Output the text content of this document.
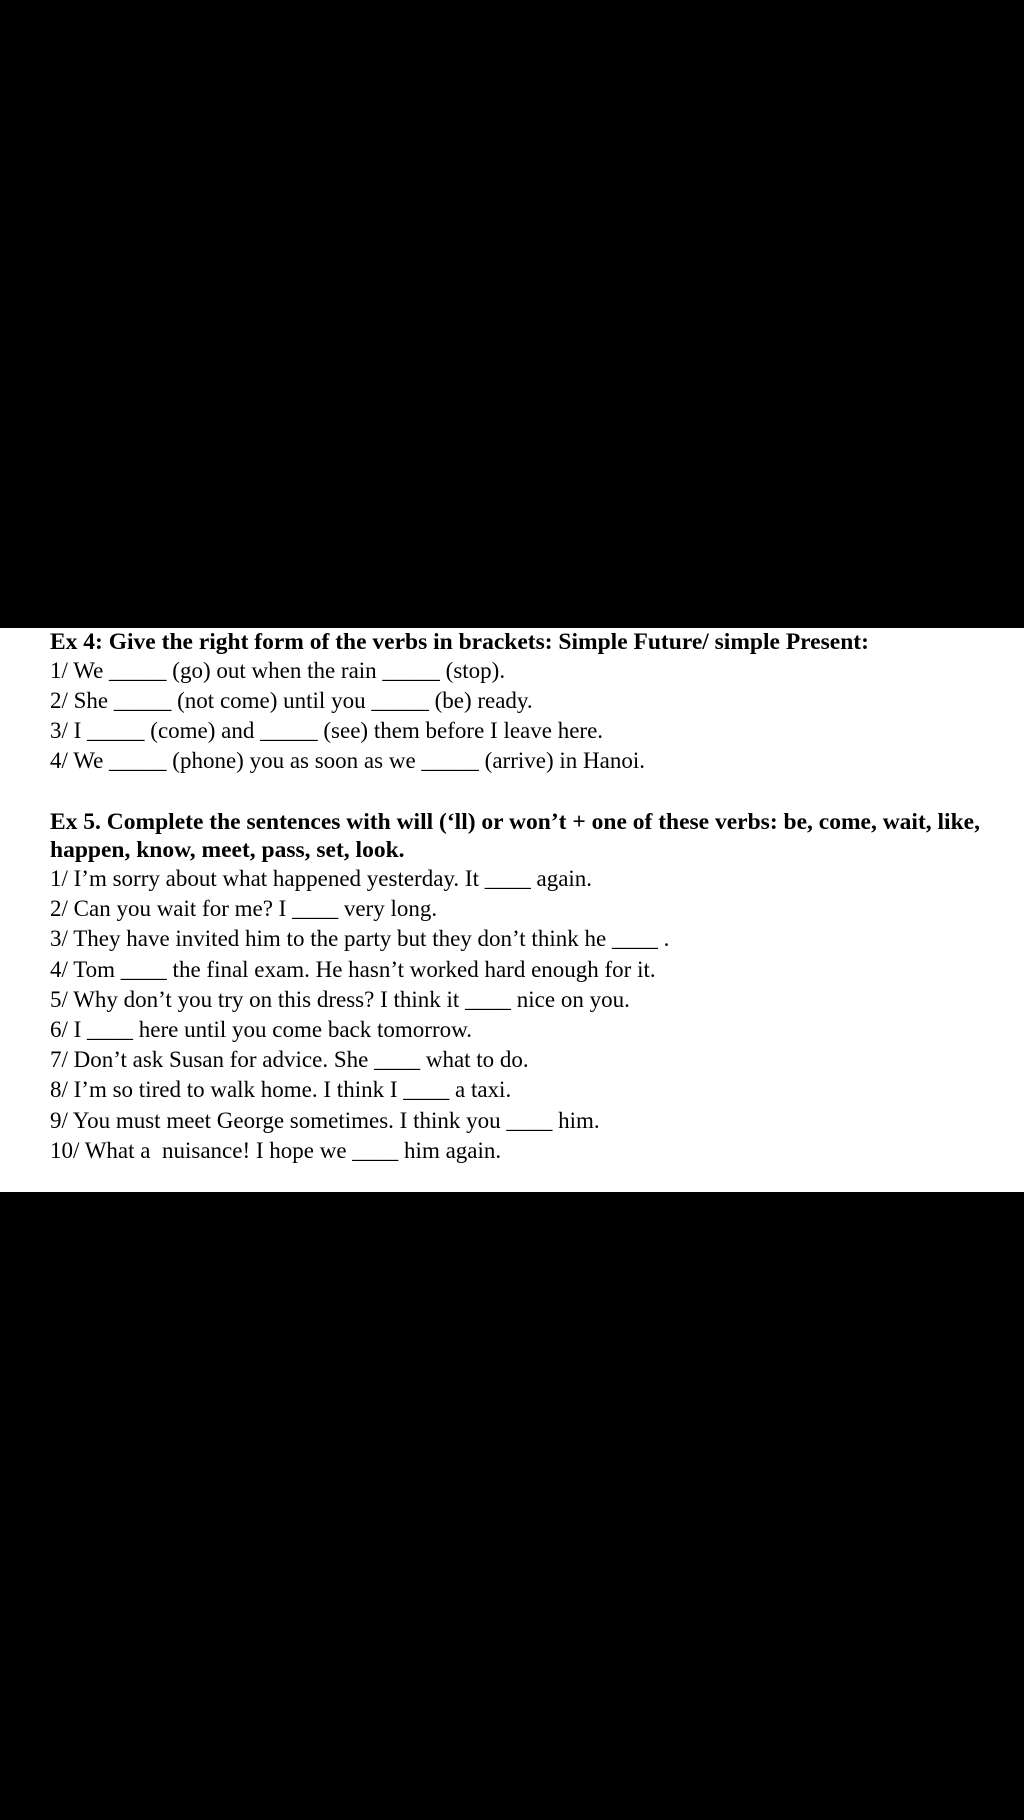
Ex 4: Give the right form of the verbs in brackets: Simple Future/ simple Present:

1/ We _____ (go) out when the rain _____ (stop).

2/ She _____ (not come) until you _____ (be) ready.

3/ I _____ (come) and _____ (see) them before I leave here.

4/ We _____ (phone) you as soon as we _____ (arrive) in Hanoi.

Ex 5. Complete the sentences with will (‘ll) or won’t + one of these verbs: be, come, wait, like, happen, know, meet, pass, set, look.

1/ I’m sorry about what happened yesterday. It ____ again.

2/ Can you wait for me? I ____ very long.

3/ They have invited him to the party but they don’t think he ____ .

4/ Tom ____ the final exam. He hasn’t worked hard enough for it.

5/ Why don’t you try on this dress? I think it ____ nice on you.

6/ I ____ here until you come back tomorrow.

7/ Don’t ask Susan for advice. She ____ what to do.

8/ I’m so tired to walk home. I think I ____ a taxi.

9/ You must meet George sometimes. I think you ____ him.

10/ What a  nuisance! I hope we ____ him again.
